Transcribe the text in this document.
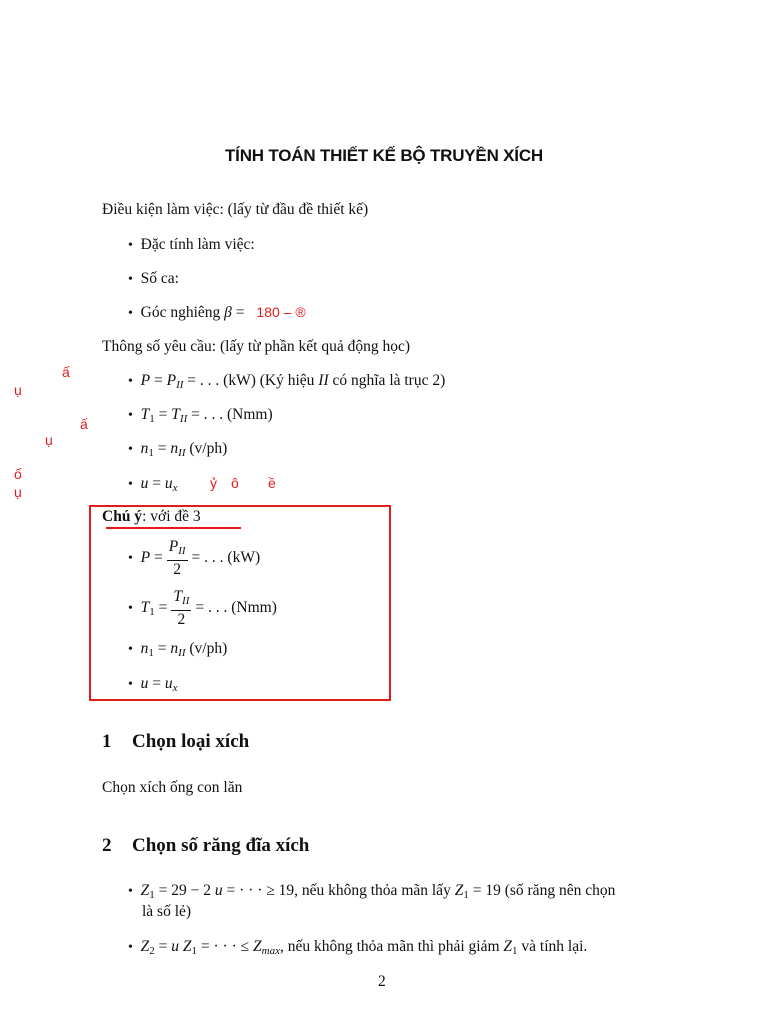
TÍNH TOÁN THIẾT KẾ BỘ TRUYỀN XÍCH
Điều kiện làm việc: (lấy từ đầu đề thiết kế)
• Đặc tính làm việc:
• Số ca:
• Góc nghiêng β = 180 – ®
Thông số yêu cầu: (lấy từ phần kết quả động học)
• $P = P_{II}$ = . . . (kW) (Ký hiệu II có nghĩa là trục 2)
• $T1 = T_{II}$ = . . . (Nmm)
• $n1 = n_{II}$ (v/ph)
• $u = u_x$ ỷ ô ề
ấ
ụ
ấ
ụ
ố
ụ
Chú ý: với đề 3
• $P = \frac{P_{II}}{2}$ = . . . (kW)
• $T1 = \frac{T_{II}}{2}$ = . . . (Nmm)
• $n1 = n_{II}$ (v/ph)
• $u = u_x$
1 Chọn loại xích
Chọn xích ống con lăn
2 Chọn số răng đĩa xích
• Z1 = 29 − 2 u = · · · ≥ 19, nếu không thỏa mãn lấy Z1 = 19 (số răng nên chọn
là số lẻ)
• Z2 = u Z1 = · · · ≤ $Z_{max}$, nếu không thỏa mãn thì phải giảm Z1 và tính lại.
2
